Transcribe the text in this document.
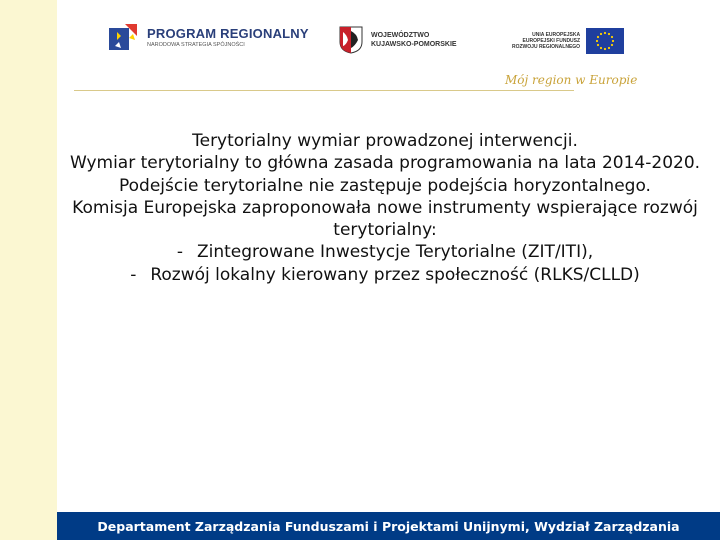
PROGRAM REGIONALNY
NARODOWA STRATEGIA SPÓJNOŚCI
WOJEWÓDZTWO
KUJAWSKO-POMORSKIE
UNIA EUROPEJSKA
EUROPEJSKI FUNDUSZ
ROZWOJU REGIONALNEGO
Mój region w Europie

Terytorialny wymiar prowadzonej interwencji.

Wymiar terytorialny to główna zasada programowania na lata 2014-2020.

Podejście terytorialne nie zastępuje podejścia horyzontalnego.

Komisja Europejska zaproponowała nowe instrumenty wspierające rozwój terytorialny:

- Zintegrowane Inwestycje Terytorialne (ZIT/ITI),

- Rozwój lokalny kierowany przez społeczność (RLKS/CLLD)

Departament Zarządzania Funduszami i Projektami Unijnymi, Wydział Zarządzania
